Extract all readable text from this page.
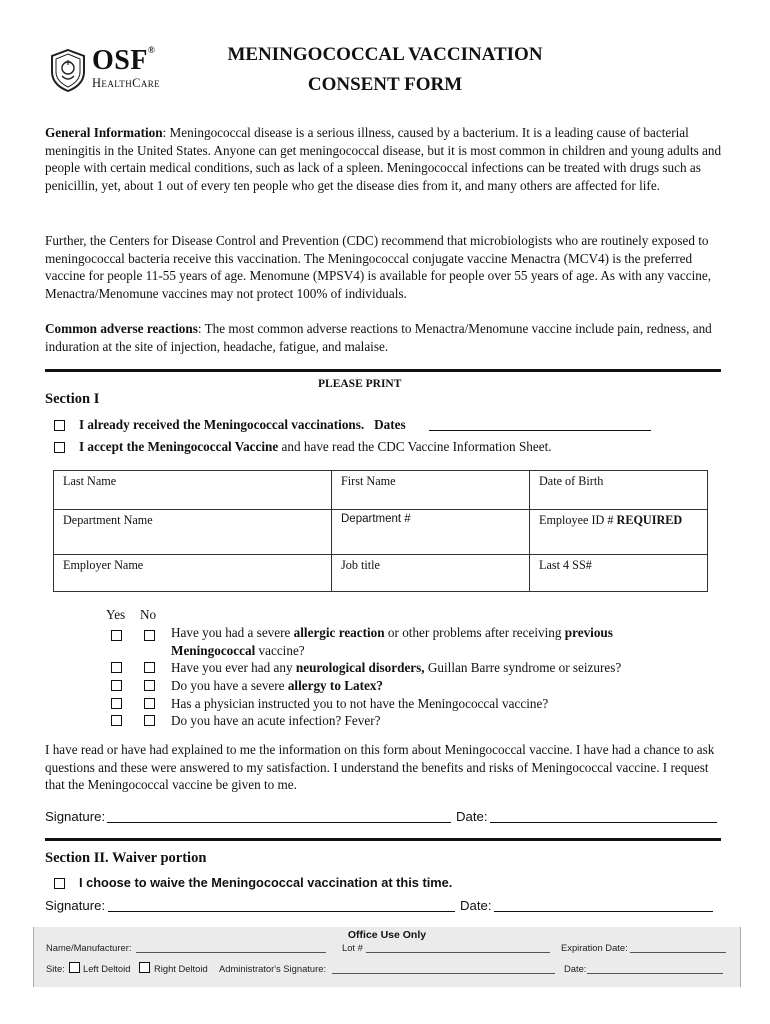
OSF®
HealthCare
MENINGOCOCCAL VACCINATION
CONSENT FORM
General Information: Meningococcal disease is a serious illness, caused by a bacterium. It is a leading cause of bacterial meningitis in the United States. Anyone can get meningococcal disease, but it is most common in children and young adults and people with certain medical conditions, such as lack of a spleen. Meningococcal infections can be treated with drugs such as penicillin, yet, about 1 out of every ten people who get the disease dies from it, and many others are affected for life.
Further, the Centers for Disease Control and Prevention (CDC) recommend that microbiologists who are routinely exposed to meningococcal bacteria receive this vaccination. The Meningococcal conjugate vaccine Menactra (MCV4) is the preferred vaccine for people 11-55 years of age. Menomune (MPSV4) is available for people over 55 years of age. As with any vaccine, Menactra/Menomune vaccines may not protect 100% of individuals.
Common adverse reactions: The most common adverse reactions to Menactra/Menomune vaccine include pain, redness, and induration at the site of injection, headache, fatigue, and malaise.
PLEASE PRINT
Section I
I already received the Meningococcal vaccinations. Dates
I accept the Meningococcal Vaccine and have read the CDC Vaccine Information Sheet.
Last Name	First Name	Date of Birth
Department Name	Department #	Employee ID # REQUIRED
Employer Name	Job title	Last 4 SS#
Yes No
Have you had a severe allergic reaction or other problems after receiving previous
Meningococcal vaccine?
Have you ever had any neurological disorders, Guillan Barre syndrome or seizures?
Do you have a severe allergy to Latex?
Has a physician instructed you to not have the Meningococcal vaccine?
Do you have an acute infection? Fever?
I have read or have had explained to me the information on this form about Meningococcal vaccine. I have had a chance to ask questions and these were answered to my satisfaction. I understand the benefits and risks of Meningococcal vaccine. I request that the Meningococcal vaccine be given to me.
Signature:	Date:
Section II. Waiver portion
I choose to waive the Meningococcal vaccination at this time.
Signature:	Date:
Office Use Only
Name/Manufacturer:	Lot #	Expiration Date:
Site: Left Deltoid	Right Deltoid Administrator's Signature:	Date:
